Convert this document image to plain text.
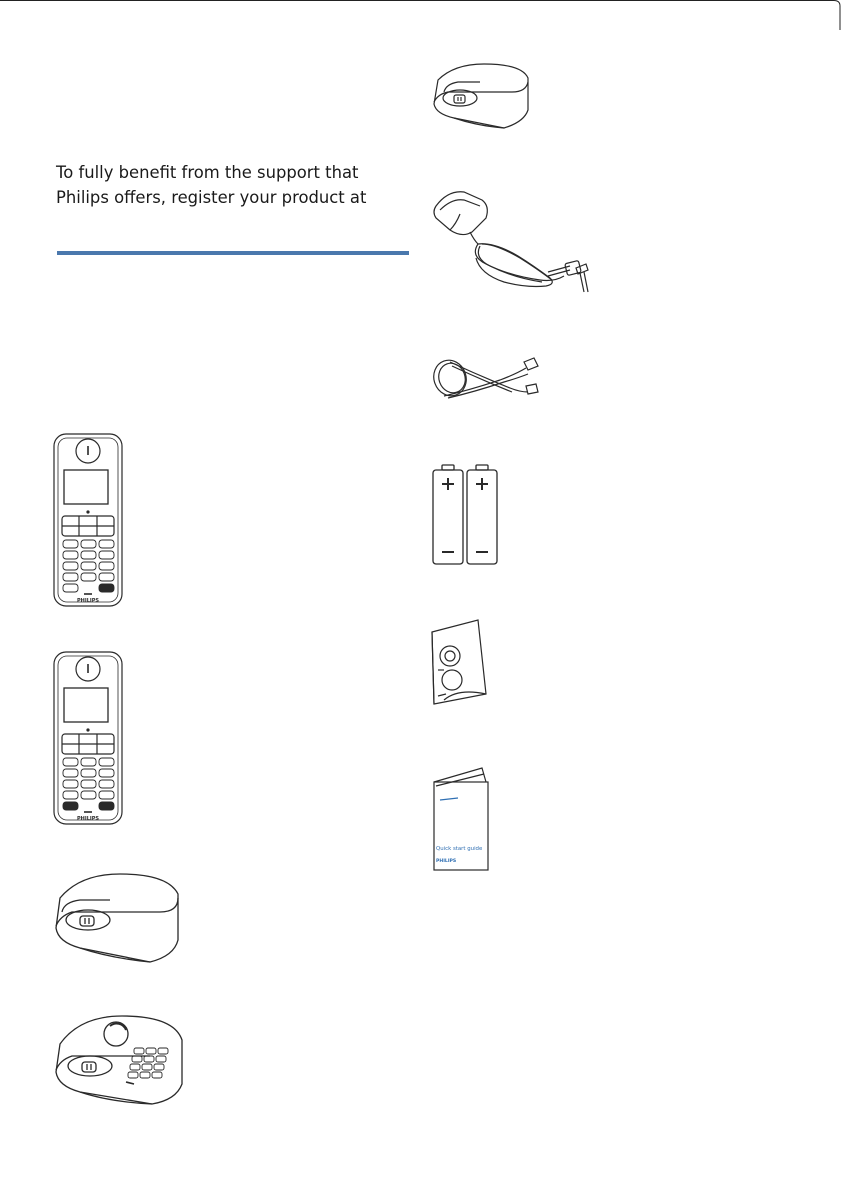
To fully benefit from the support that
Philips offers, register your product at
PHILIPS
PHILIPS
Quick start guide
PHILIPS
